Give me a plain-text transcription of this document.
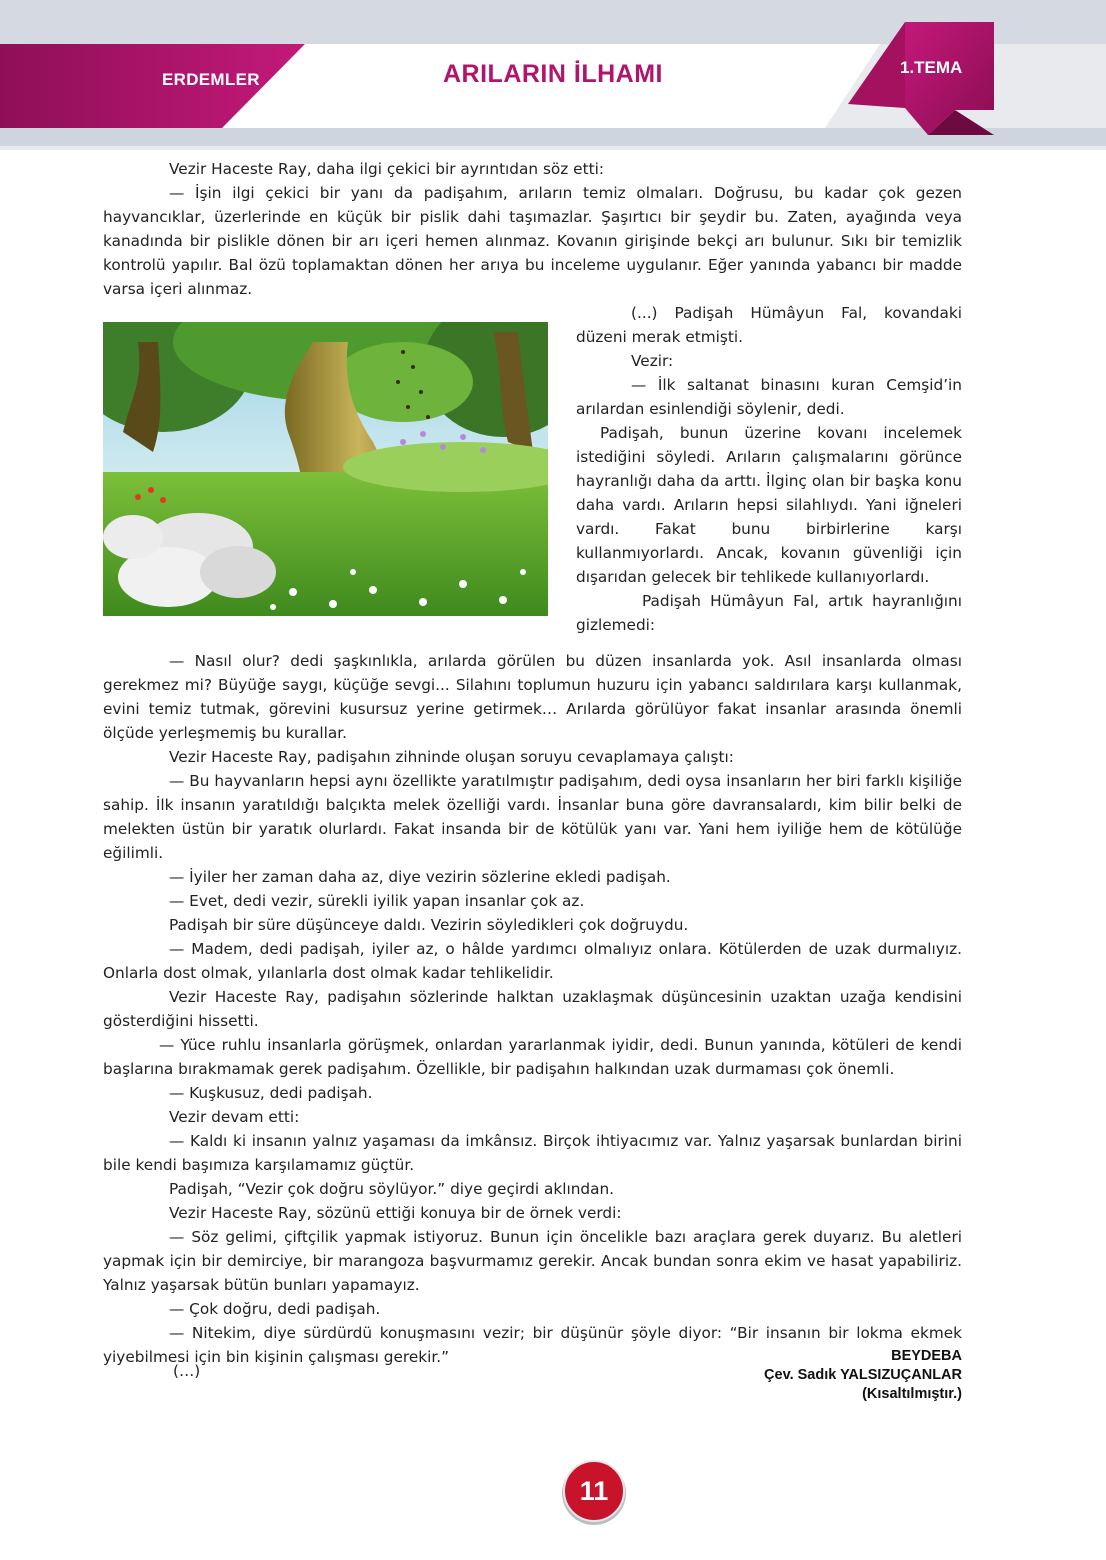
ERDEMLER	ARILARIN İLHAMI	1.TEMA

Vezir Haceste Ray, daha ilgi çekici bir ayrıntıdan söz etti:

— İşin ilgi çekici bir yanı da padişahım, arıların temiz olmaları. Doğrusu, bu kadar çok gezen hayvancıklar, üzerlerinde en küçük bir pislik dahi taşımazlar. Şaşırtıcı bir şeydir bu. Zaten, ayağında veya kanadında bir pislikle dönen bir arı içeri hemen alınmaz. Kovanın girişinde bekçi arı bulunur. Sıkı bir temizlik kontrolü yapılır. Bal özü toplamaktan dönen her arıya bu inceleme uygulanır. Eğer yanında yabancı bir madde varsa içeri alınmaz.

(...) Padişah Hümâyun Fal, kovandaki düzeni merak etmişti.

Vezir:

— İlk saltanat binasını kuran Cemşid’in arılardan esinlendiği söylenir, dedi.

Padişah, bunun üzerine kovanı incelemek istediğini söyledi. Arıların çalışmalarını görünce hayranlığı daha da arttı. İlginç olan bir başka konu daha vardı. Arıların hepsi silahlıydı. Yani iğneleri vardı. Fakat bunu birbirlerine karşı kullanmıyorlardı. Ancak, kovanın güvenliği için dışarıdan gelecek bir tehlikede kullanıyorlardı.

Padişah Hümâyun Fal, artık hayranlığını gizlemedi:

— Nasıl olur? dedi şaşkınlıkla, arılarda görülen bu düzen insanlarda yok. Asıl insanlarda olması gerekmez mi? Büyüğe saygı, küçüğe sevgi... Silahını toplumun huzuru için yabancı saldırılara karşı kullanmak, evini temiz tutmak, görevini kusursuz yerine getirmek… Arılarda görülüyor fakat insanlar arasında önemli ölçüde yerleşmemiş bu kurallar.

Vezir Haceste Ray, padişahın zihninde oluşan soruyu cevaplamaya çalıştı:

— Bu hayvanların hepsi aynı özellikte yaratılmıştır padişahım, dedi oysa insanların her biri farklı kişiliğe sahip. İlk insanın yaratıldığı balçıkta melek özelliği vardı. İnsanlar buna göre davransalardı, kim bilir belki de melekten üstün bir yaratık olurlardı. Fakat insanda bir de kötülük yanı var. Yani hem iyiliğe hem de kötülüğe eğilimli.

— İyiler her zaman daha az, diye vezirin sözlerine ekledi padişah.

— Evet, dedi vezir, sürekli iyilik yapan insanlar çok az.

Padişah bir süre düşünceye daldı. Vezirin söyledikleri çok doğruydu.

— Madem, dedi padişah, iyiler az, o hâlde yardımcı olmalıyız onlara. Kötülerden de uzak durmalıyız. Onlarla dost olmak, yılanlarla dost olmak kadar tehlikelidir.

Vezir Haceste Ray, padişahın sözlerinde halktan uzaklaşmak düşüncesinin uzaktan uzağa kendisini gösterdiğini hissetti.

— Yüce ruhlu insanlarla görüşmek, onlardan yararlanmak iyidir, dedi. Bunun yanında, kötüleri de kendi başlarına bırakmamak gerek padişahım. Özellikle, bir padişahın halkından uzak durmaması çok önemli.

— Kuşkusuz, dedi padişah.

Vezir devam etti:

— Kaldı ki insanın yalnız yaşaması da imkânsız. Birçok ihtiyacımız var. Yalnız yaşarsak bunlardan birini bile kendi başımıza karşılamamız güçtür.

Padişah, “Vezir çok doğru söylüyor.” diye geçirdi aklından.

Vezir Haceste Ray, sözünü ettiği konuya bir de örnek verdi:

— Söz gelimi, çiftçilik yapmak istiyoruz. Bunun için öncelikle bazı araçlara gerek duyarız. Bu aletleri yapmak için bir demirciye, bir marangoza başvurmamız gerekir. Ancak bundan sonra ekim ve hasat yapabiliriz. Yalnız yaşarsak bütün bunları yapamayız.

— Çok doğru, dedi padişah.

— Nitekim, diye sürdürdü konuşmasını vezir; bir düşünür şöyle diyor: “Bir insanın bir lokma ekmek yiyebilmesi için bin kişinin çalışması gerekir.”

(…)
BEYDEBA
Çev. Sadık YALSIZUÇANLAR
(Kısaltılmıştır.)
11
